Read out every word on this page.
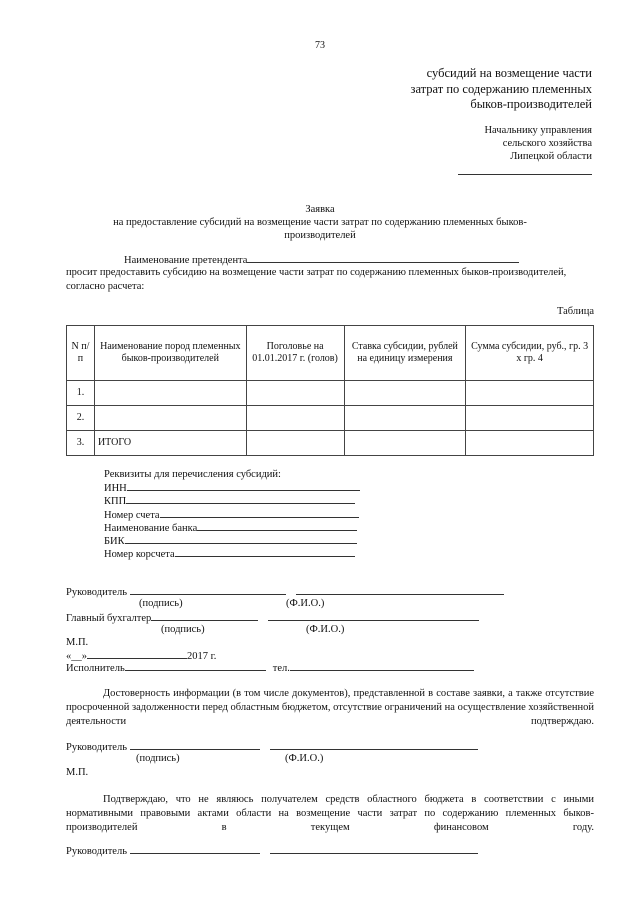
73
субсидий на возмещение части
затрат по содержанию племенных
быков-производителей
Начальнику управления
сельского хозяйства
Липецкой области
Заявка
на предоставление субсидий на возмещение части затрат по содержанию племенных быков-
производителей
Наименование претендента
просит предоставить субсидию на возмещение части затрат по содержанию племенных быков-производителей,
согласно расчета:
Таблица
N п/п	Наименование пород племенных быков-производителей	Поголовье на 01.01.2017 г. (голов)	Ставка субсидии, рублей на единицу измерения	Сумма субсидии, руб., гр. 3 x гр. 4
1.				
2.				
3.	ИТОГО			
Реквизиты для перечисления субсидий:
ИНН
КПП
Номер счета
Наименование банка
БИК
Номер корсчета
Руководитель
(подпись)	(Ф.И.О.)
Главный бухгалтер
(подпись)	(Ф.И.О.)
М.П.
«__»	2017 г.
Исполнитель	тел.
Достоверность информации (в том числе документов), представленной в составе заявки, а также отсутствие просроченной задолженности перед областным бюджетом, отсутствие ограничений на осуществление хозяйственной деятельности подтверждаю.
Руководитель
(подпись)	(Ф.И.О.)
М.П.
Подтверждаю, что не являюсь получателем средств областного бюджета в соответствии с иными нормативными правовыми актами области на возмещение части затрат по содержанию племенных быков-производителей в текущем финансовом году.
Руководитель
